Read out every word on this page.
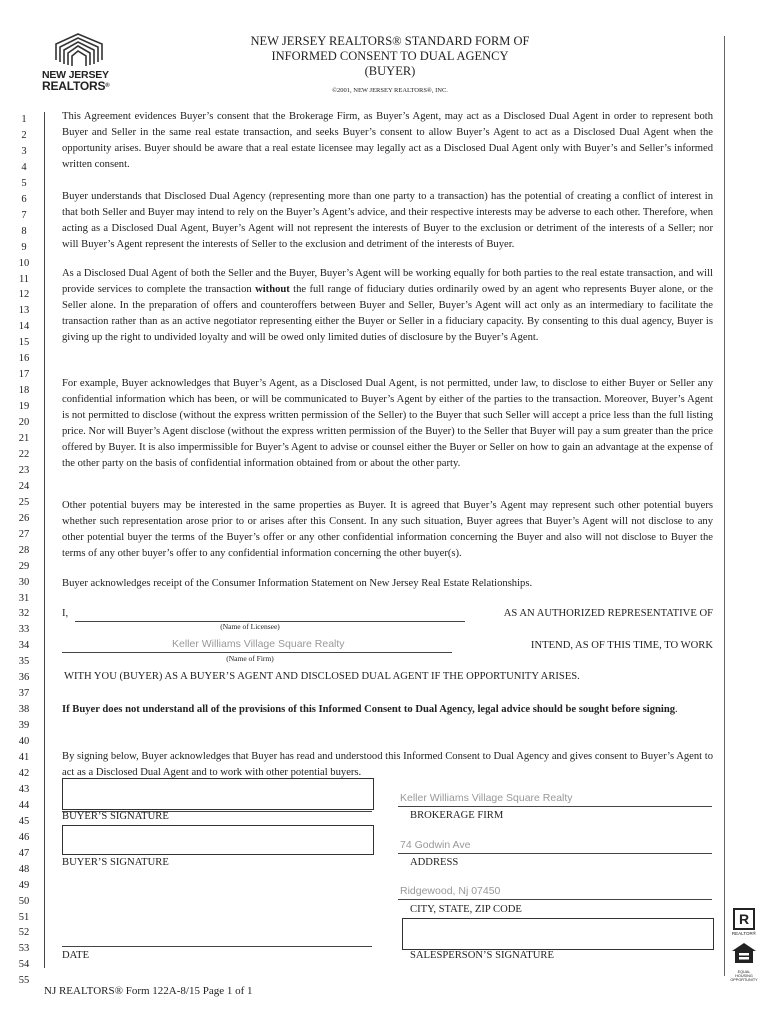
NEW JERSEY
REALTORS®
NEW JERSEY REALTORS® STANDARD FORM OF
INFORMED CONSENT TO DUAL AGENCY
(BUYER)
©2001, NEW JERSEY REALTORS®, INC.
1
2
3
4
5
6
7
8
9
10
11
12
13
14
15
16
17
18
19
20
21
22
23
24
25
26
27
28
29
30
31
32
33
34
35
36
37
38
39
40
41
42
43
44
45
46
47
48
49
50
51
52
53
54
55
This Agreement evidences Buyer’s consent that the Brokerage Firm, as Buyer’s Agent, may act as a Disclosed Dual Agent in order to represent both Buyer and Seller in the same real estate transaction, and seeks Buyer’s consent to allow Buyer’s Agent to act as a Disclosed Dual Agent when the opportunity arises. Buyer should be aware that a real estate licensee may legally act as a Disclosed Dual Agent only with Buyer’s and Seller’s informed written consent.
Buyer understands that Disclosed Dual Agency (representing more than one party to a transaction) has the potential of creating a conflict of interest in that both Seller and Buyer may intend to rely on the Buyer’s Agent’s advice, and their respective interests may be adverse to each other. Therefore, when acting as a Disclosed Dual Agent, Buyer’s Agent will not represent the interests of Buyer to the exclusion or detriment of the interests of a Seller; nor will Buyer’s Agent represent the interests of Seller to the exclusion and detriment of the interests of Buyer.
As a Disclosed Dual Agent of both the Seller and the Buyer, Buyer’s Agent will be working equally for both parties to the real estate transaction, and will provide services to complete the transaction without the full range of fiduciary duties ordinarily owed by an agent who represents Buyer alone, or the Seller alone. In the preparation of offers and counteroffers between Buyer and Seller, Buyer’s Agent will act only as an intermediary to facilitate the transaction rather than as an active negotiator representing either the Buyer or Seller in a fiduciary capacity. By consenting to this dual agency, Buyer is giving up the right to undivided loyalty and will be owed only limited duties of disclosure by the Buyer’s Agent.
For example, Buyer acknowledges that Buyer’s Agent, as a Disclosed Dual Agent, is not permitted, under law, to disclose to either Buyer or Seller any confidential information which has been, or will be communicated to Buyer’s Agent by either of the parties to the transaction. Moreover, Buyer’s Agent is not permitted to disclose (without the express written permission of the Seller) to the Buyer that such Seller will accept a price less than the full listing price. Nor will Buyer’s Agent disclose (without the express written permission of the Buyer) to the Seller that Buyer will pay a sum greater than the price offered by Buyer. It is also impermissible for Buyer’s Agent to advise or counsel either the Buyer or Seller on how to gain an advantage at the expense of the other party on the basis of confidential information obtained from or about the other party.
Other potential buyers may be interested in the same properties as Buyer. It is agreed that Buyer’s Agent may represent such other potential buyers whether such representation arose prior to or arises after this Consent. In any such situation, Buyer agrees that Buyer’s Agent will not disclose to any other potential buyer the terms of the Buyer’s offer or any other confidential information concerning the Buyer and also will not disclose to Buyer the terms of any other buyer’s offer to any confidential information concerning the other buyer(s).
Buyer acknowledges receipt of the Consumer Information Statement on New Jersey Real Estate Relationships.
I,	AS AN AUTHORIZED REPRESENTATIVE OF
(Name of Licensee)
Keller Williams Village Square Realty	INTEND, AS OF THIS TIME, TO WORK
(Name of Firm)
WITH YOU (BUYER) AS A BUYER’S AGENT AND DISCLOSED DUAL AGENT IF THE OPPORTUNITY ARISES.
If Buyer does not understand all of the provisions of this Informed Consent to Dual Agency, legal advice should be sought before signing.
By signing below, Buyer acknowledges that Buyer has read and understood this Informed Consent to Dual Agency and gives consent to Buyer’s Agent to act as a Disclosed Dual Agent and to work with other potential buyers.
BUYER’S SIGNATURE
BUYER’S SIGNATURE
DATE
Keller Williams Village Square Realty
BROKERAGE FIRM
74 Godwin Ave
ADDRESS
Ridgewood, Nj 07450
CITY, STATE, ZIP CODE
SALESPERSON’S SIGNATURE
R
REALTOR®
EQUAL HOUSING OPPORTUNITY
NJ REALTORS® Form 122A-8/15 Page 1 of 1
